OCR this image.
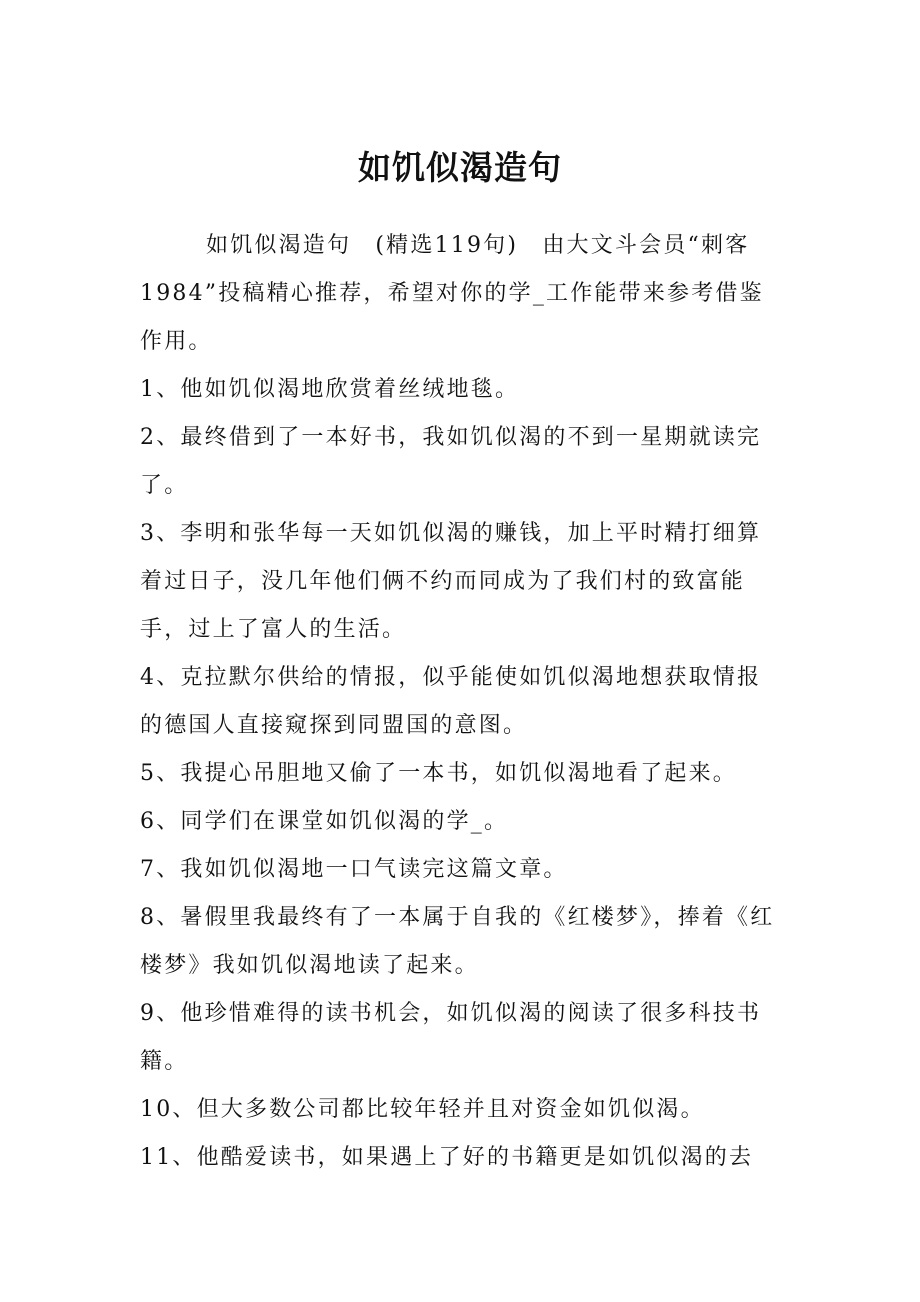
如饥似渴造句

如饥似渴造句　(精选119句)　由大文斗会员“刺客1984”投稿精心推荐，希望对你的学_工作能带来参考借鉴作用。

1、他如饥似渴地欣赏着丝绒地毯。

2、最终借到了一本好书，我如饥似渴的不到一星期就读完了。

3、李明和张华每一天如饥似渴的赚钱，加上平时精打细算着过日子，没几年他们俩不约而同成为了我们村的致富能手，过上了富人的生活。

4、克拉默尔供给的情报，似乎能使如饥似渴地想获取情报的德国人直接窥探到同盟国的意图。

5、我提心吊胆地又偷了一本书，如饥似渴地看了起来。

6、同学们在课堂如饥似渴的学_。

7、我如饥似渴地一口气读完这篇文章。

8、暑假里我最终有了一本属于自我的《红楼梦》，捧着《红楼梦》我如饥似渴地读了起来。

9、他珍惜难得的读书机会，如饥似渴的阅读了很多科技书籍。

10、但大多数公司都比较年轻并且对资金如饥似渴。

11、他酷爱读书，如果遇上了好的书籍更是如饥似渴的去
